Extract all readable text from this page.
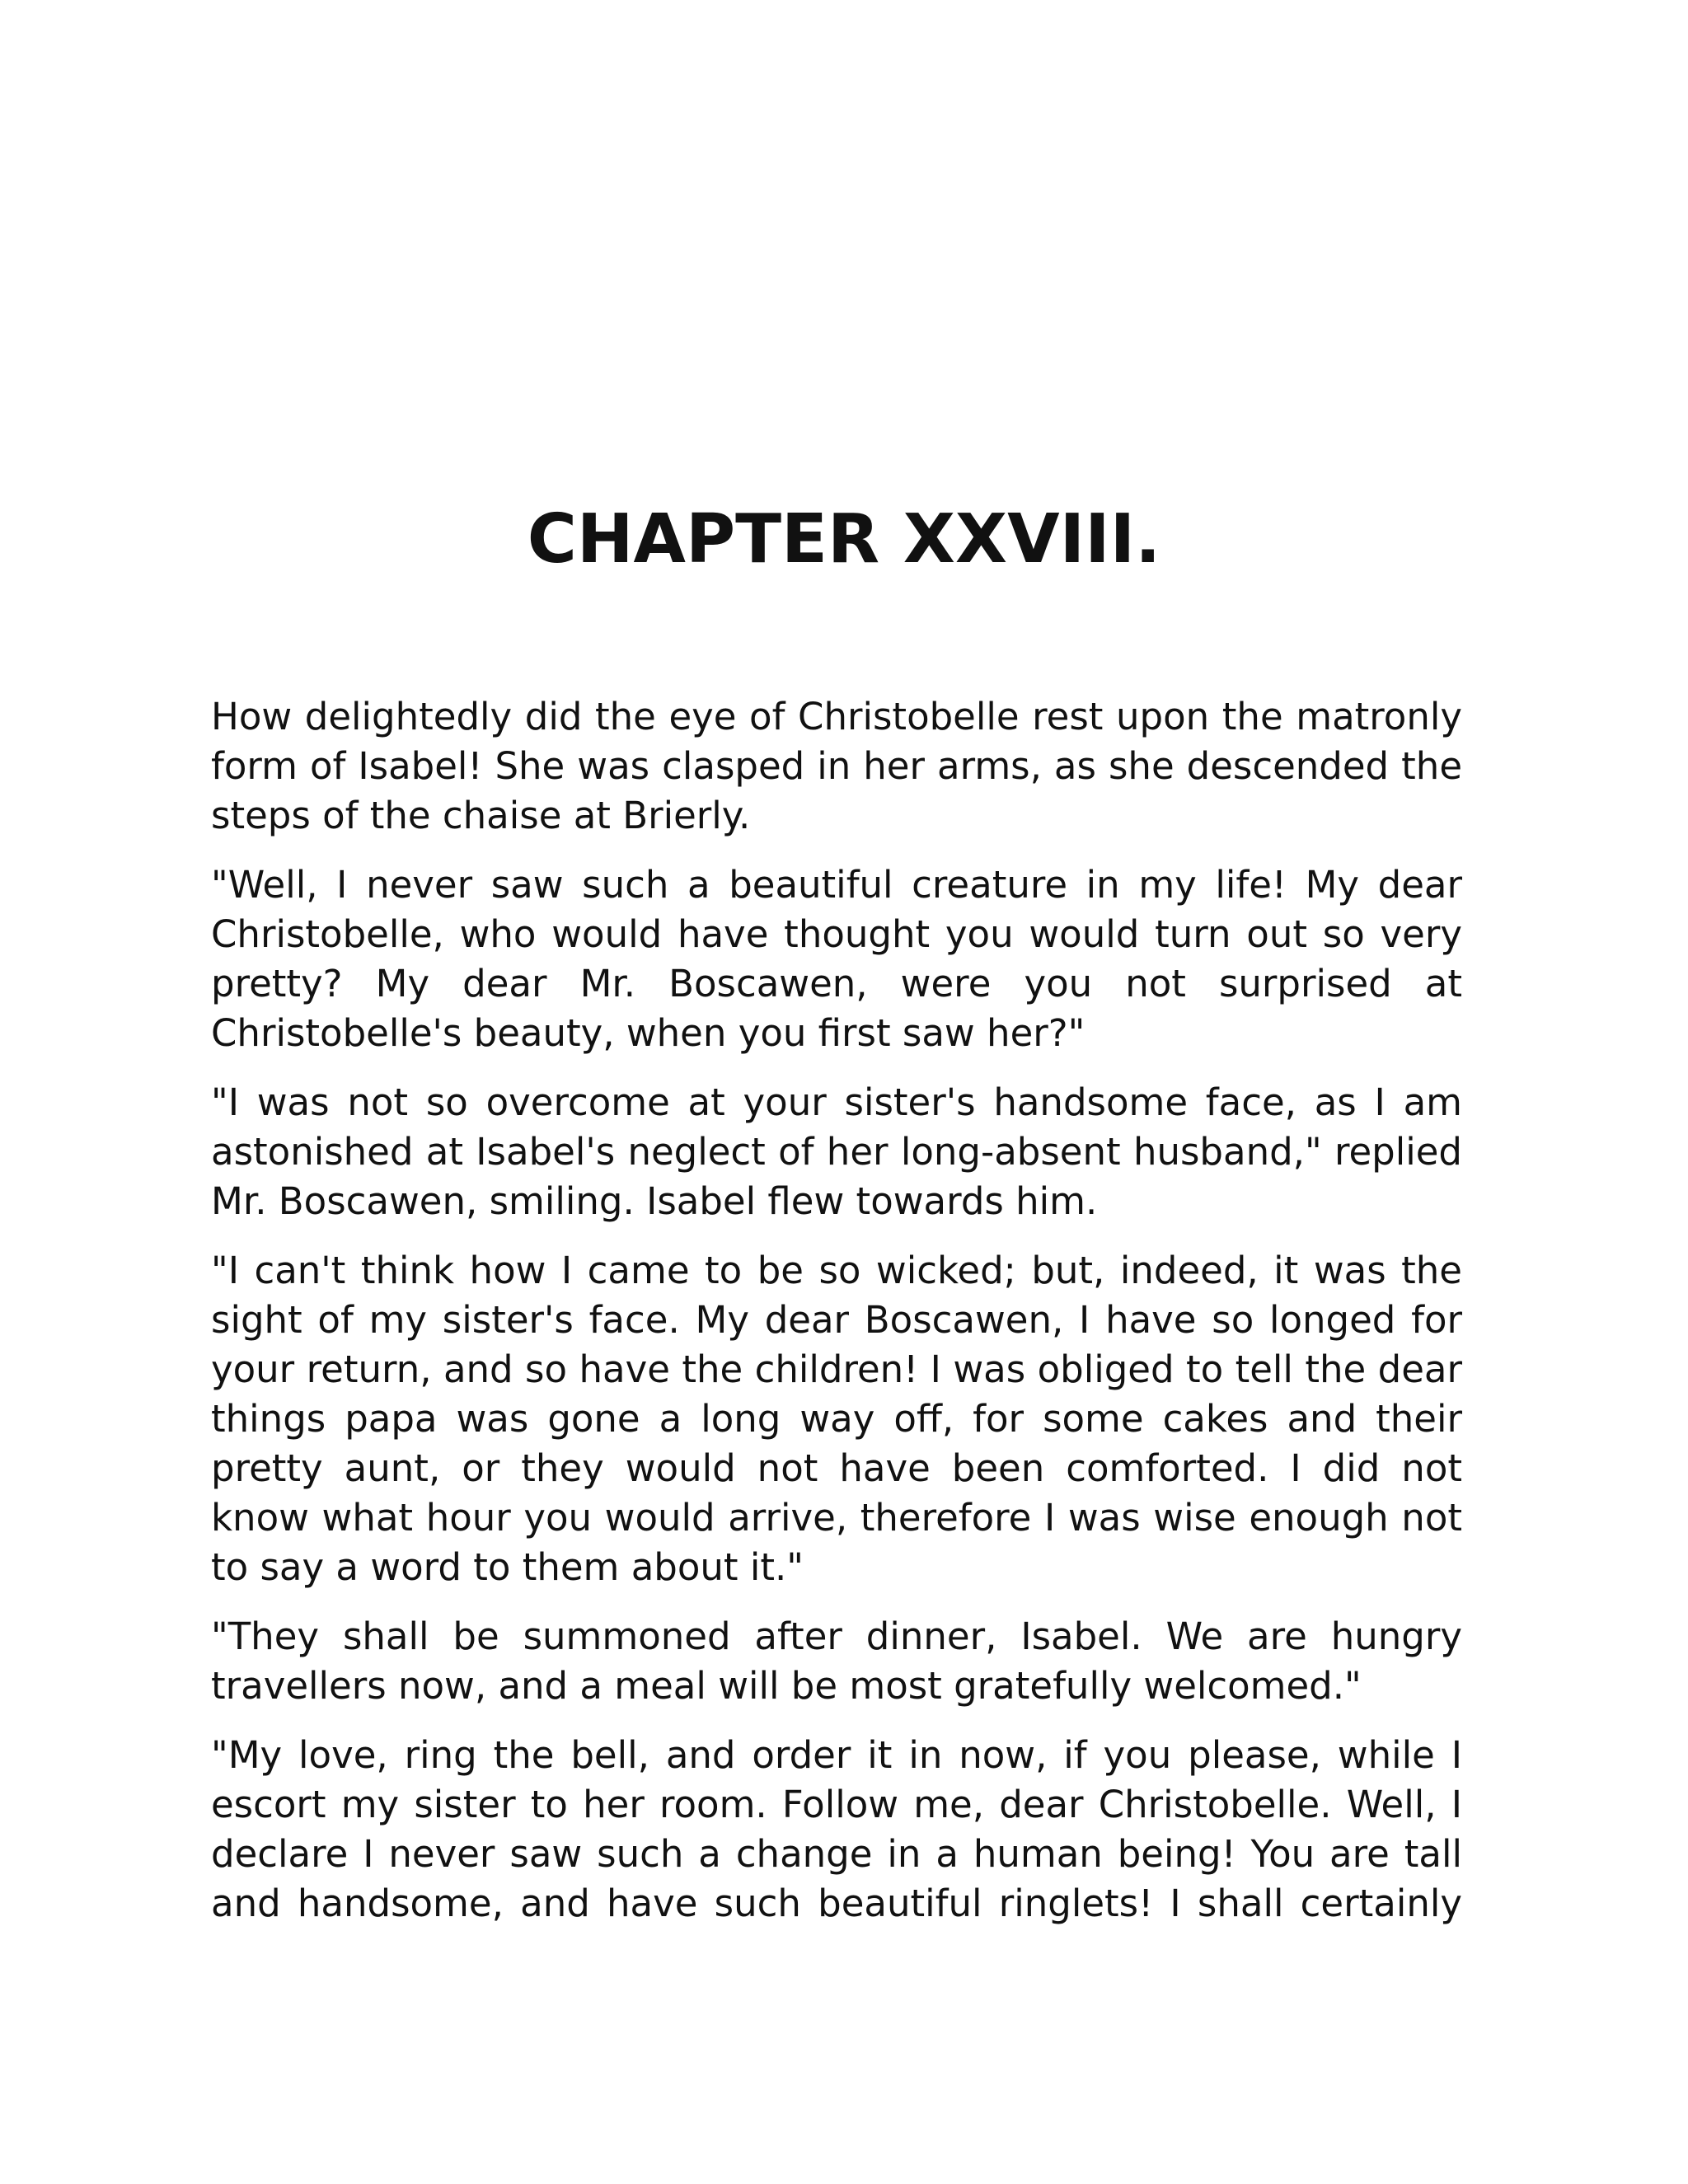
CHAPTER XXVIII.

How delightedly did the eye of Christobelle rest upon the matronly form of Isabel! She was clasped in her arms, as she descended the steps of the chaise at Brierly.

"Well, I never saw such a beautiful creature in my life! My dear Christobelle, who would have thought you would turn out so very pretty? My dear Mr. Boscawen, were you not surprised at Christobelle's beauty, when you first saw her?"

"I was not so overcome at your sister's handsome face, as I am astonished at Isabel's neglect of her long-absent husband," replied Mr. Boscawen, smiling. Isabel flew towards him.

"I can't think how I came to be so wicked; but, indeed, it was the sight of my sister's face. My dear Boscawen, I have so longed for your return, and so have the children! I was obliged to tell the dear things papa was gone a long way off, for some cakes and their pretty aunt, or they would not have been comforted. I did not know what hour you would arrive, therefore I was wise enough not to say a word to them about it."

"They shall be summoned after dinner, Isabel. We are hungry travellers now, and a meal will be most gratefully welcomed."

"My love, ring the bell, and order it in now, if you please, while I escort my sister to her room. Follow me, dear Christobelle. Well, I declare I never saw such a change in a human being! You are tall and handsome, and have such beautiful ringlets! I shall certainly
